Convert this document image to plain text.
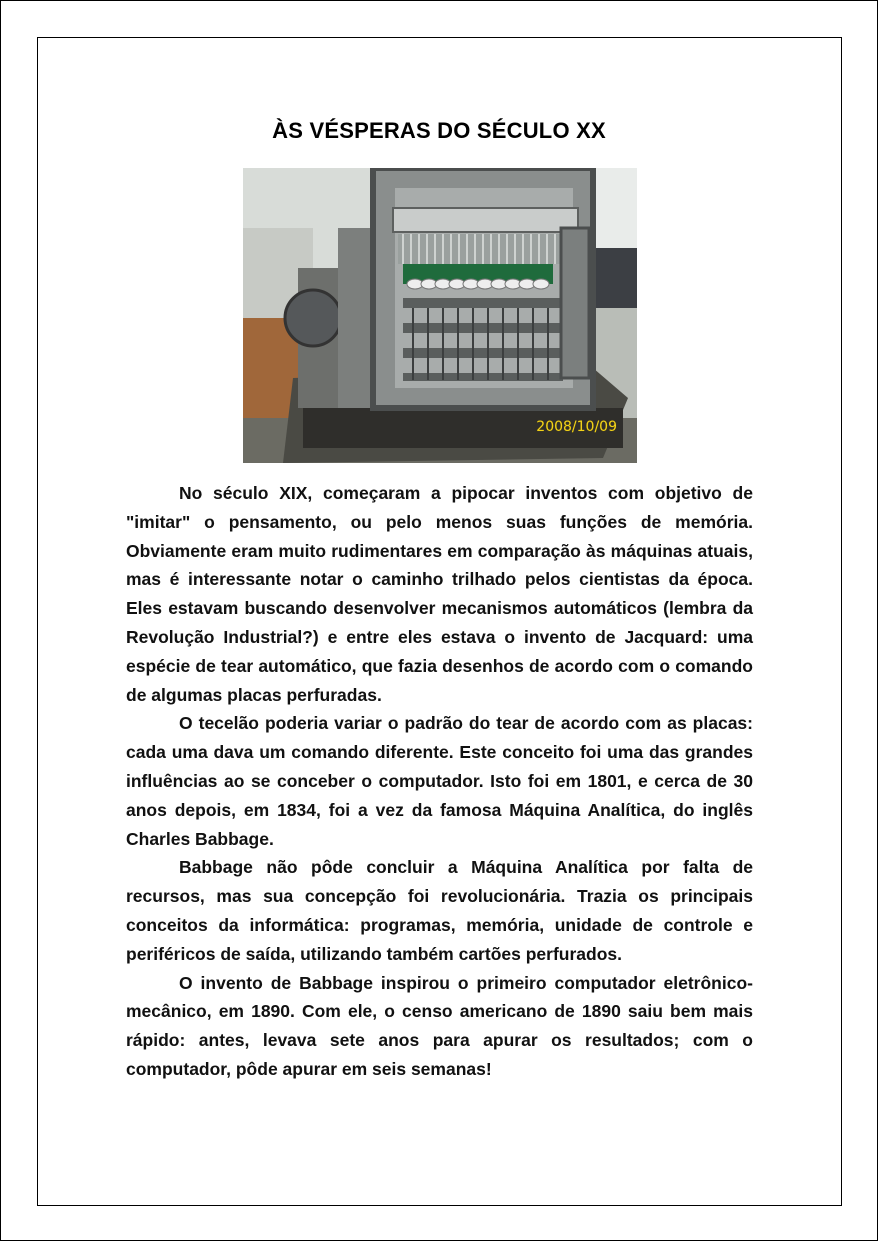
ÀS VÉSPERAS DO SÉCULO XX
2008/10/09

No século XIX, começaram a pipocar inventos com objetivo de "imitar" o pensamento, ou pelo menos suas funções de memória. Obviamente eram muito rudimentares em comparação às máquinas atuais, mas é interessante notar o caminho trilhado pelos cientistas da época. Eles estavam buscando desenvolver mecanismos automáticos (lembra da Revolução Industrial?) e entre eles estava o invento de Jacquard: uma espécie de tear automático, que fazia desenhos de acordo com o comando de algumas placas perfuradas.

O tecelão poderia variar o padrão do tear de acordo com as placas: cada uma dava um comando diferente. Este conceito foi uma das grandes influências ao se conceber o computador. Isto foi em 1801, e cerca de 30 anos depois, em 1834, foi a vez da famosa Máquina Analítica, do inglês Charles Babbage.

Babbage não pôde concluir a Máquina Analítica por falta de recursos, mas sua concepção foi revolucionária. Trazia os principais conceitos da informática: programas, memória, unidade de controle e periféricos de saída, utilizando também cartões perfurados.

O invento de Babbage inspirou o primeiro computador eletrônico-mecânico, em 1890. Com ele, o censo americano de 1890 saiu bem mais rápido: antes, levava sete anos para apurar os resultados; com o computador, pôde apurar em seis semanas!
